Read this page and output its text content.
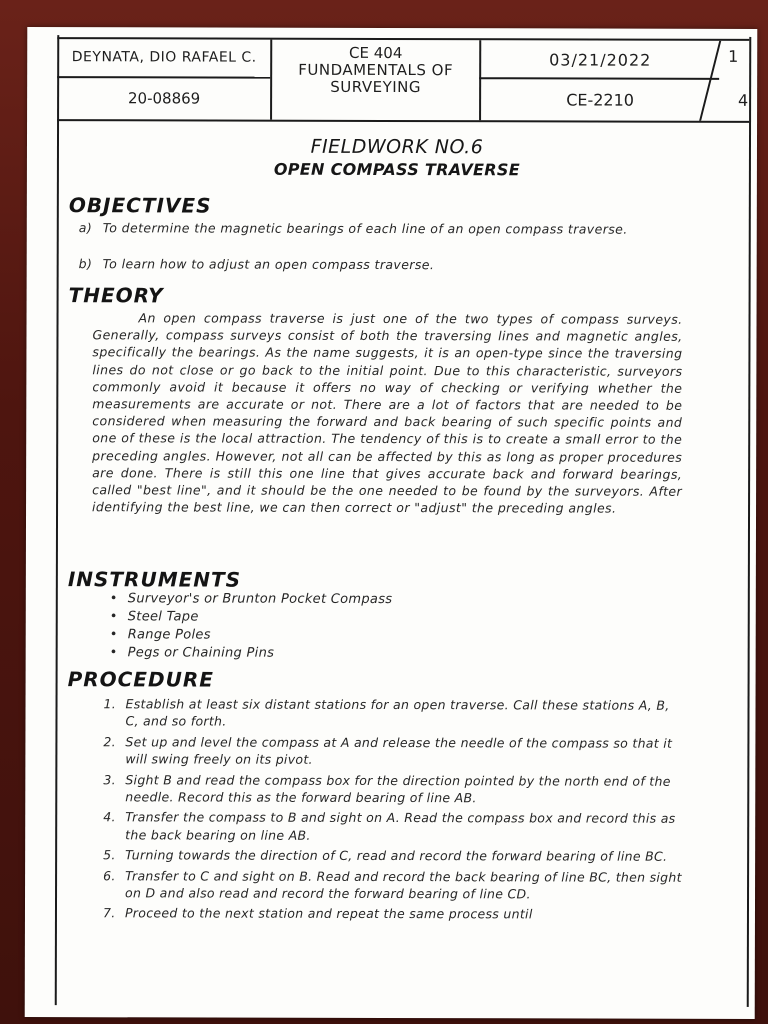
DEYNATA, DIO RAFAEL C.
20-08869
CE 404
FUNDAMENTALS OF SURVEYING
03/21/2022
CE-2210
1
4
FIELDWORK NO.6
OPEN COMPASS TRAVERSE
OBJECTIVES
a) To determine the magnetic bearings of each line of an open compass traverse.
b) To learn how to adjust an open compass traverse.
THEORY
An open compass traverse is just one of the two types of compass surveys. Generally, compass surveys consist of both the traversing lines and magnetic angles, specifically the bearings. As the name suggests, it is an open-type since the traversing lines do not close or go back to the initial point. Due to this characteristic, surveyors commonly avoid it because it offers no way of checking or verifying whether the measurements are accurate or not. There are a lot of factors that are needed to be considered when measuring the forward and back bearing of such specific points and one of these is the local attraction. The tendency of this is to create a small error to the preceding angles. However, not all can be affected by this as long as proper procedures are done. There is still this one line that gives accurate back and forward bearings, called "best line", and it should be the one needed to be found by the surveyors. After identifying the best line, we can then correct or "adjust" the preceding angles.
INSTRUMENTS
• Surveyor's or Brunton Pocket Compass
• Steel Tape
• Range Poles
• Pegs or Chaining Pins
PROCEDURE
1. Establish at least six distant stations for an open traverse. Call these stations A, B, C, and so forth.
2. Set up and level the compass at A and release the needle of the compass so that it will swing freely on its pivot.
3. Sight B and read the compass box for the direction pointed by the north end of the needle. Record this as the forward bearing of line AB.
4. Transfer the compass to B and sight on A. Read the compass box and record this as the back bearing on line AB.
5. Turning towards the direction of C, read and record the forward bearing of line BC.
6. Transfer to C and sight on B. Read and record the back bearing of line BC, then sight on D and also read and record the forward bearing of line CD.
7. Proceed to the next station and repeat the same process until
